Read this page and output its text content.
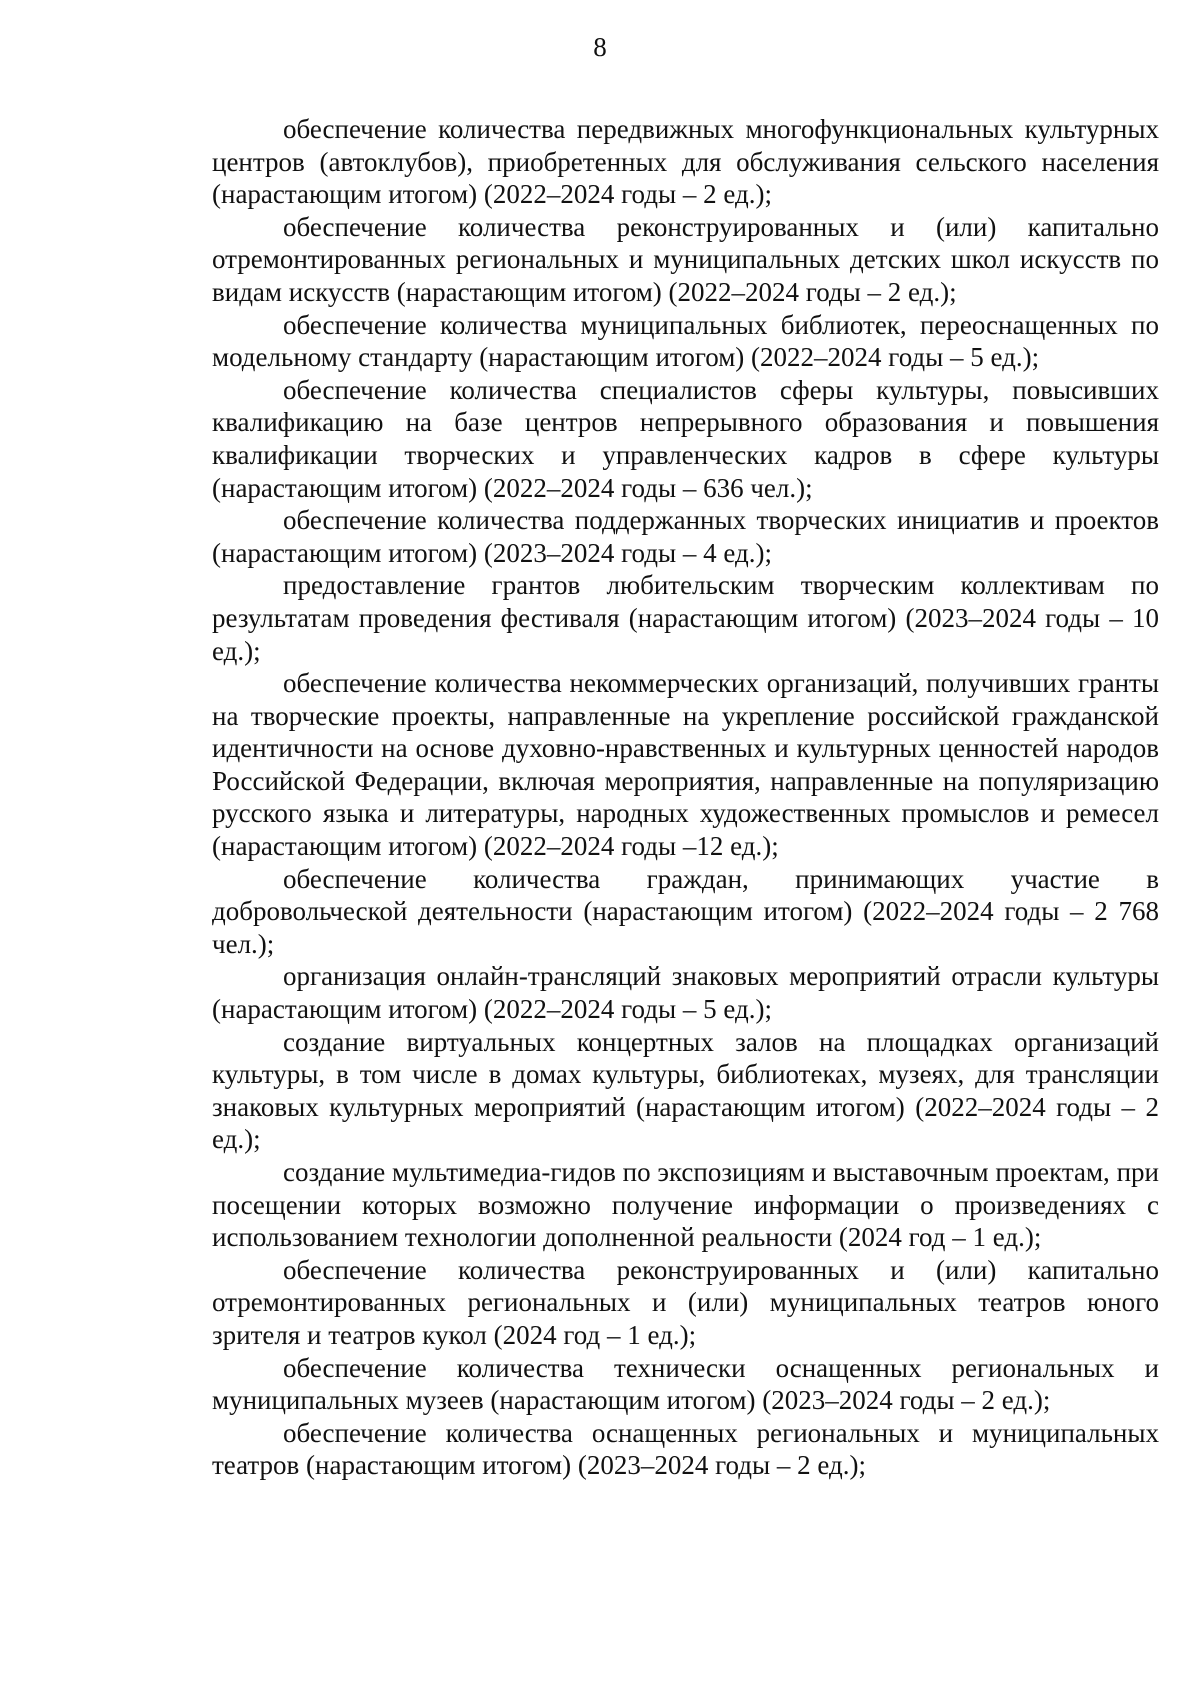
8

обеспечение количества передвижных многофункциональных культурных центров (автоклубов), приобретенных для обслуживания сельского населения (нарастающим итогом) (2022–2024 годы – 2 ед.);

обеспечение количества реконструированных и (или) капитально отремонтированных региональных и муниципальных детских школ искусств по видам искусств (нарастающим итогом) (2022–2024 годы – 2 ед.);

обеспечение количества муниципальных библиотек, переоснащенных по модельному стандарту (нарастающим итогом) (2022–2024 годы – 5 ед.);

обеспечение количества специалистов сферы культуры, повысивших квалификацию на базе центров непрерывного образования и повышения квалификации творческих и управленческих кадров в сфере культуры (нарастающим итогом) (2022–2024 годы – 636 чел.);

обеспечение количества поддержанных творческих инициатив и проектов (нарастающим итогом) (2023–2024 годы – 4 ед.);

предоставление грантов любительским творческим коллективам по результатам проведения фестиваля (нарастающим итогом) (2023–2024 годы – 10 ед.);

обеспечение количества некоммерческих организаций, получивших гранты на творческие проекты, направленные на укрепление российской гражданской идентичности на основе духовно-нравственных и культурных ценностей народов Российской Федерации, включая мероприятия, направленные на популяризацию русского языка и литературы, народных художественных промыслов и ремесел (нарастающим итогом) (2022–2024 годы –12 ед.);

обеспечение количества граждан, принимающих участие в добровольческой деятельности (нарастающим итогом) (2022–2024 годы – 2 768 чел.);

организация онлайн-трансляций знаковых мероприятий отрасли культуры (нарастающим итогом) (2022–2024 годы – 5 ед.);

создание виртуальных концертных залов на площадках организаций культуры, в том числе в домах культуры, библиотеках, музеях, для трансляции знаковых культурных мероприятий (нарастающим итогом) (2022–2024 годы – 2 ед.);

создание мультимедиа-гидов по экспозициям и выставочным проектам, при посещении которых возможно получение информации о произведениях с использованием технологии дополненной реальности (2024 год – 1 ед.);

обеспечение количества реконструированных и (или) капитально отремонтированных региональных и (или) муниципальных театров юного зрителя и театров кукол (2024 год – 1 ед.);

обеспечение количества технически оснащенных региональных и муниципальных музеев (нарастающим итогом) (2023–2024 годы – 2 ед.);

обеспечение количества оснащенных региональных и муниципальных театров (нарастающим итогом) (2023–2024 годы – 2 ед.);
